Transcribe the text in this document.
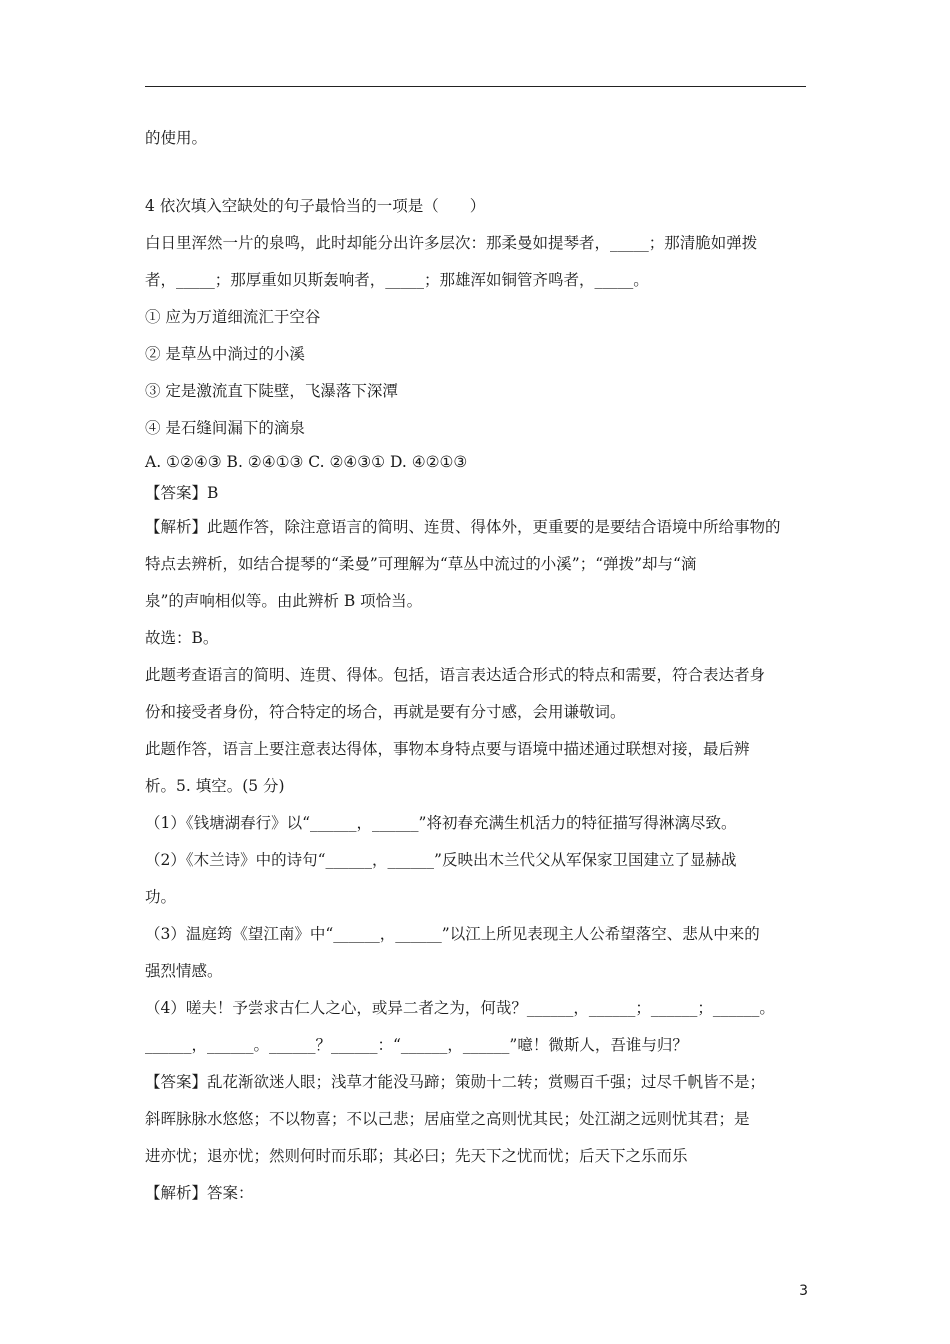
的使用。
4 依次填入空缺处的句子最恰当的一项是（　　）
白日里浑然一片的泉鸣，此时却能分出许多层次：那柔曼如提琴者，_____；那清脆如弹拨
者，_____；那厚重如贝斯轰响者，_____；那雄浑如铜管齐鸣者，_____。
① 应为万道细流汇于空谷
② 是草丛中淌过的小溪
③ 定是激流直下陡壁，飞瀑落下深潭
④ 是石缝间漏下的滴泉
A. ①②④③ B. ②④①③ C. ②④③① D. ④②①③
【答案】B
【解析】此题作答，除注意语言的简明、连贯、得体外，更重要的是要结合语境中所给事物的
特点去辨析，如结合提琴的“柔曼”可理解为“草丛中流过的小溪”；“弹拨”却与“滴
泉”的声响相似等。由此辨析 B 项恰当。
故选：B。
此题考查语言的简明、连贯、得体。包括，语言表达适合形式的特点和需要，符合表达者身
份和接受者身份，符合特定的场合，再就是要有分寸感，会用谦敬词。
此题作答，语言上要注意表达得体，事物本身特点要与语境中描述通过联想对接，最后辨
析。5. 填空。(5 分)
（1）《钱塘湖春行》以“______，______”将初春充满生机活力的特征描写得淋漓尽致。
（2）《木兰诗》中的诗句“______，______”反映出木兰代父从军保家卫国建立了显赫战
功。
（3）温庭筠《望江南》中“______，______”以江上所见表现主人公希望落空、悲从中来的
强烈情感。
（4）嗟夫！予尝求古仁人之心，或异二者之为，何哉？______，______；______；______。
______，______。______？______：“______，______”噫！微斯人，吾谁与归？
【答案】乱花渐欲迷人眼；浅草才能没马蹄；策勋十二转；赏赐百千强；过尽千帆皆不是；
斜晖脉脉水悠悠；不以物喜；不以己悲；居庙堂之高则忧其民；处江湖之远则忧其君；是
进亦忧；退亦忧；然则何时而乐耶；其必曰；先天下之忧而忧；后天下之乐而乐
【解析】答案：
3
